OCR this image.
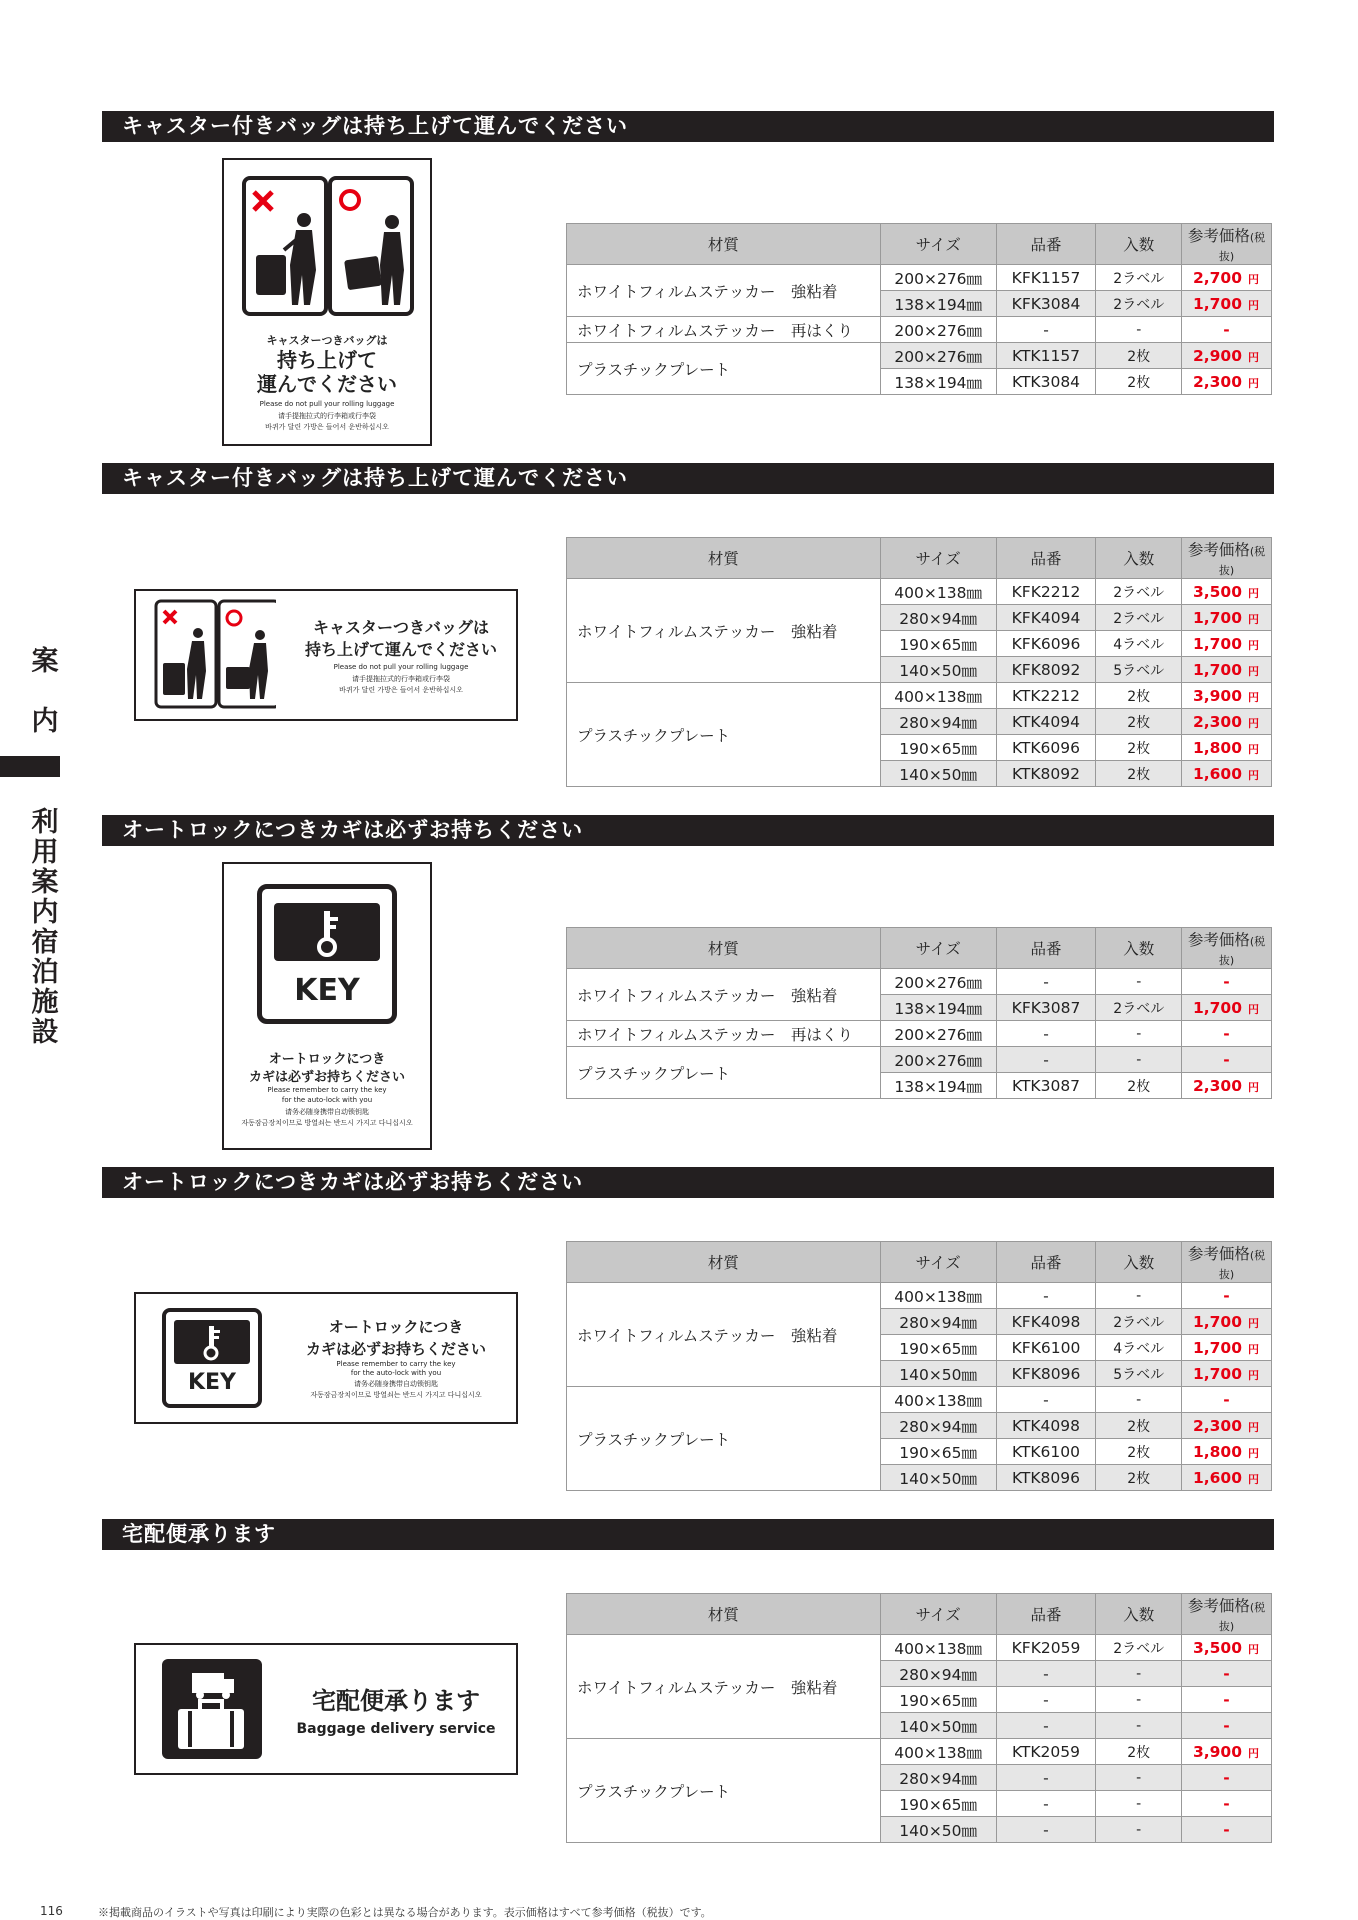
案内
利用案内　宿泊施設
キャスター付きバッグは持ち上げて運んでください
キャスター付きバッグは持ち上げて運んでください
オートロックにつきカギは必ずお持ちください
オートロックにつきカギは必ずお持ちください
宅配便承ります
キャスターつきバッグは
持ち上げて
運んでください
Please do not pull your rolling luggage
请手提拖拉式的行李箱或行李袋
바퀴가 달린 가방은 들어서 운반하십시오
キャスターつきバッグは
持ち上げて運んでください
Please do not pull your rolling luggage
请手提拖拉式的行李箱或行李袋
바퀴가 달린 가방은 들어서 운반하십시오
KEY
オートロックにつき
カギは必ずお持ちください
Please remember to carry the key
for the auto-lock with you
请务必随身携带自动锁钥匙
자동잠금장치이므로 방열쇠는 반드시 가지고 다니십시오
KEY
オートロックにつき
カギは必ずお持ちください
Please remember to carry the key
for the auto-lock with you
请务必随身携带自动锁钥匙
자동잠금장치이므로 방열쇠는 반드시 가지고 다니십시오
宅配便承ります
Baggage delivery service
材質	サイズ	品番	入数	参考価格(税抜)
ホワイトフィルムステッカー　強粘着	200×276㎜	KFK1157	2ラベル	2,700 円
	138×194㎜	KFK3084	2ラベル	1,700 円
ホワイトフィルムステッカー　再はくり	200×276㎜	-	-	-
プラスチックプレート	200×276㎜	KTK1157	2枚	2,900 円
	138×194㎜	KTK3084	2枚	2,300 円
材質	サイズ	品番	入数	参考価格(税抜)
ホワイトフィルムステッカー　強粘着	400×138㎜	KFK2212	2ラベル	3,500 円
	280×94㎜	KFK4094	2ラベル	1,700 円
	190×65㎜	KFK6096	4ラベル	1,700 円
	140×50㎜	KFK8092	5ラベル	1,700 円
プラスチックプレート	400×138㎜	KTK2212	2枚	3,900 円
	280×94㎜	KTK4094	2枚	2,300 円
	190×65㎜	KTK6096	2枚	1,800 円
	140×50㎜	KTK8092	2枚	1,600 円
材質	サイズ	品番	入数	参考価格(税抜)
ホワイトフィルムステッカー　強粘着	200×276㎜	-	-	-
	138×194㎜	KFK3087	2ラベル	1,700 円
ホワイトフィルムステッカー　再はくり	200×276㎜	-	-	-
プラスチックプレート	200×276㎜	-	-	-
	138×194㎜	KTK3087	2枚	2,300 円
材質	サイズ	品番	入数	参考価格(税抜)
ホワイトフィルムステッカー　強粘着	400×138㎜	-	-	-
	280×94㎜	KFK4098	2ラベル	1,700 円
	190×65㎜	KFK6100	4ラベル	1,700 円
	140×50㎜	KFK8096	5ラベル	1,700 円
プラスチックプレート	400×138㎜	-	-	-
	280×94㎜	KTK4098	2枚	2,300 円
	190×65㎜	KTK6100	2枚	1,800 円
	140×50㎜	KTK8096	2枚	1,600 円
材質	サイズ	品番	入数	参考価格(税抜)
ホワイトフィルムステッカー　強粘着	400×138㎜	KFK2059	2ラベル	3,500 円
	280×94㎜	-	-	-
	190×65㎜	-	-	-
	140×50㎜	-	-	-
プラスチックプレート	400×138㎜	KTK2059	2枚	3,900 円
	280×94㎜	-	-	-
	190×65㎜	-	-	-
	140×50㎜	-	-	-
116	※掲載商品のイラストや写真は印刷により実際の色彩とは異なる場合があります。表示価格はすべて参考価格（税抜）です。
